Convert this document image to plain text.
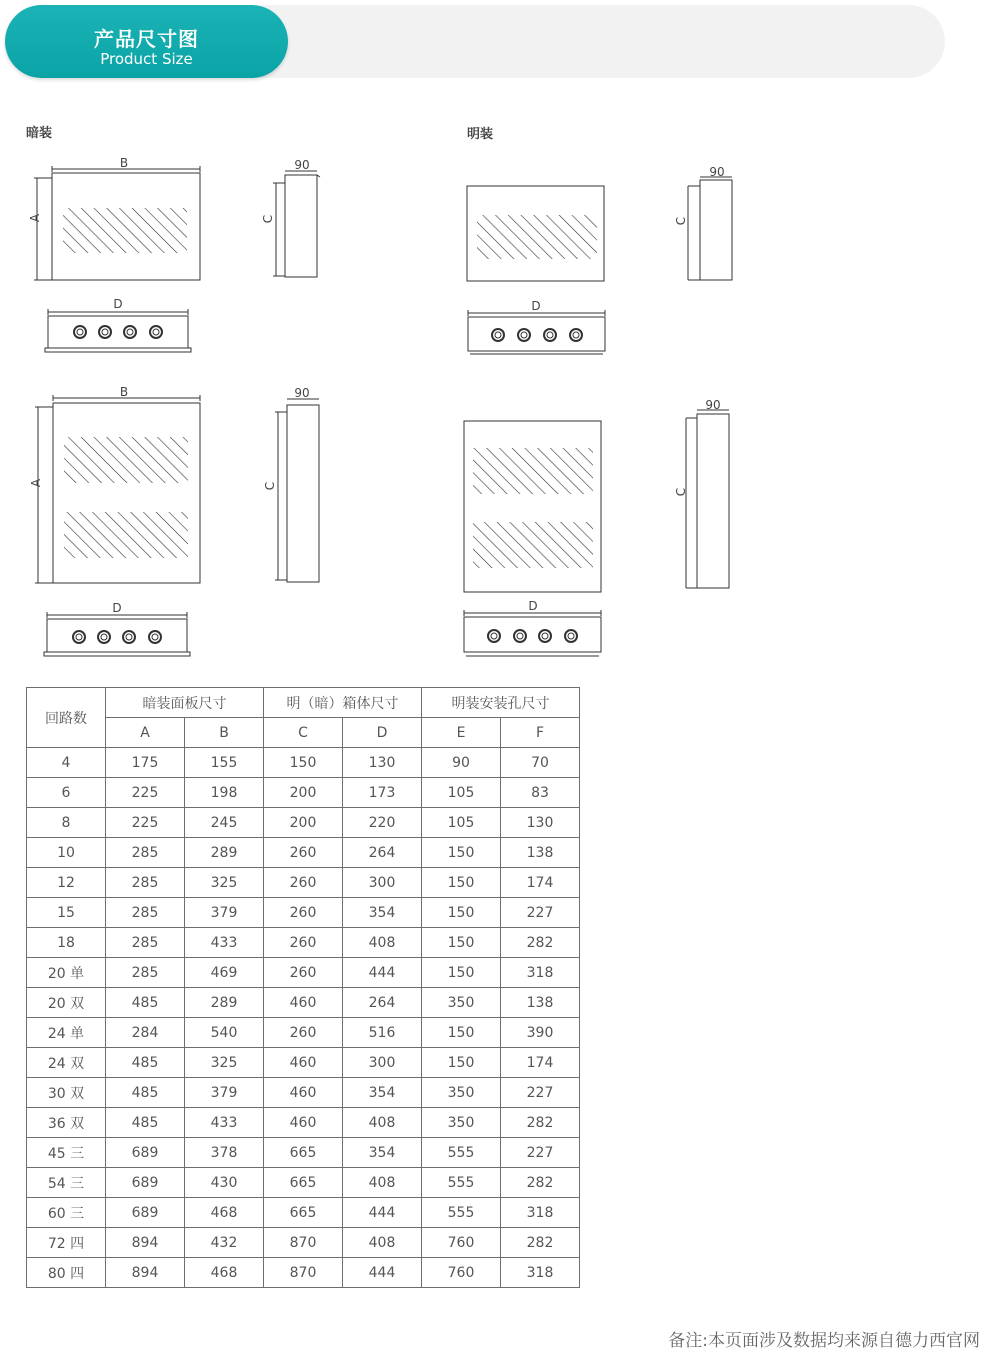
产品尺寸图
Product Size
暗装	明装
B
A
90
C
D
90
C
D
B
A
90
C
D
90
C
D
回路数	暗装面板尺寸		明（暗）箱体尺寸		明装安装孔尺寸	
	A	B	C	D	E	F
4	175	155	150	130	90	70
6	225	198	200	173	105	83
8	225	245	200	220	105	130
10	285	289	260	264	150	138
12	285	325	260	300	150	174
15	285	379	260	354	150	227
18	285	433	260	408	150	282
20 单	285	469	260	444	150	318
20 双	485	289	460	264	350	138
24 单	284	540	260	516	150	390
24 双	485	325	460	300	150	174
30 双	485	379	460	354	350	227
36 双	485	433	460	408	350	282
45 三	689	378	665	354	555	227
54 三	689	430	665	408	555	282
60 三	689	468	665	444	555	318
72 四	894	432	870	408	760	282
80 四	894	468	870	444	760	318
备注:本页面涉及数据均来源自德力西官网
